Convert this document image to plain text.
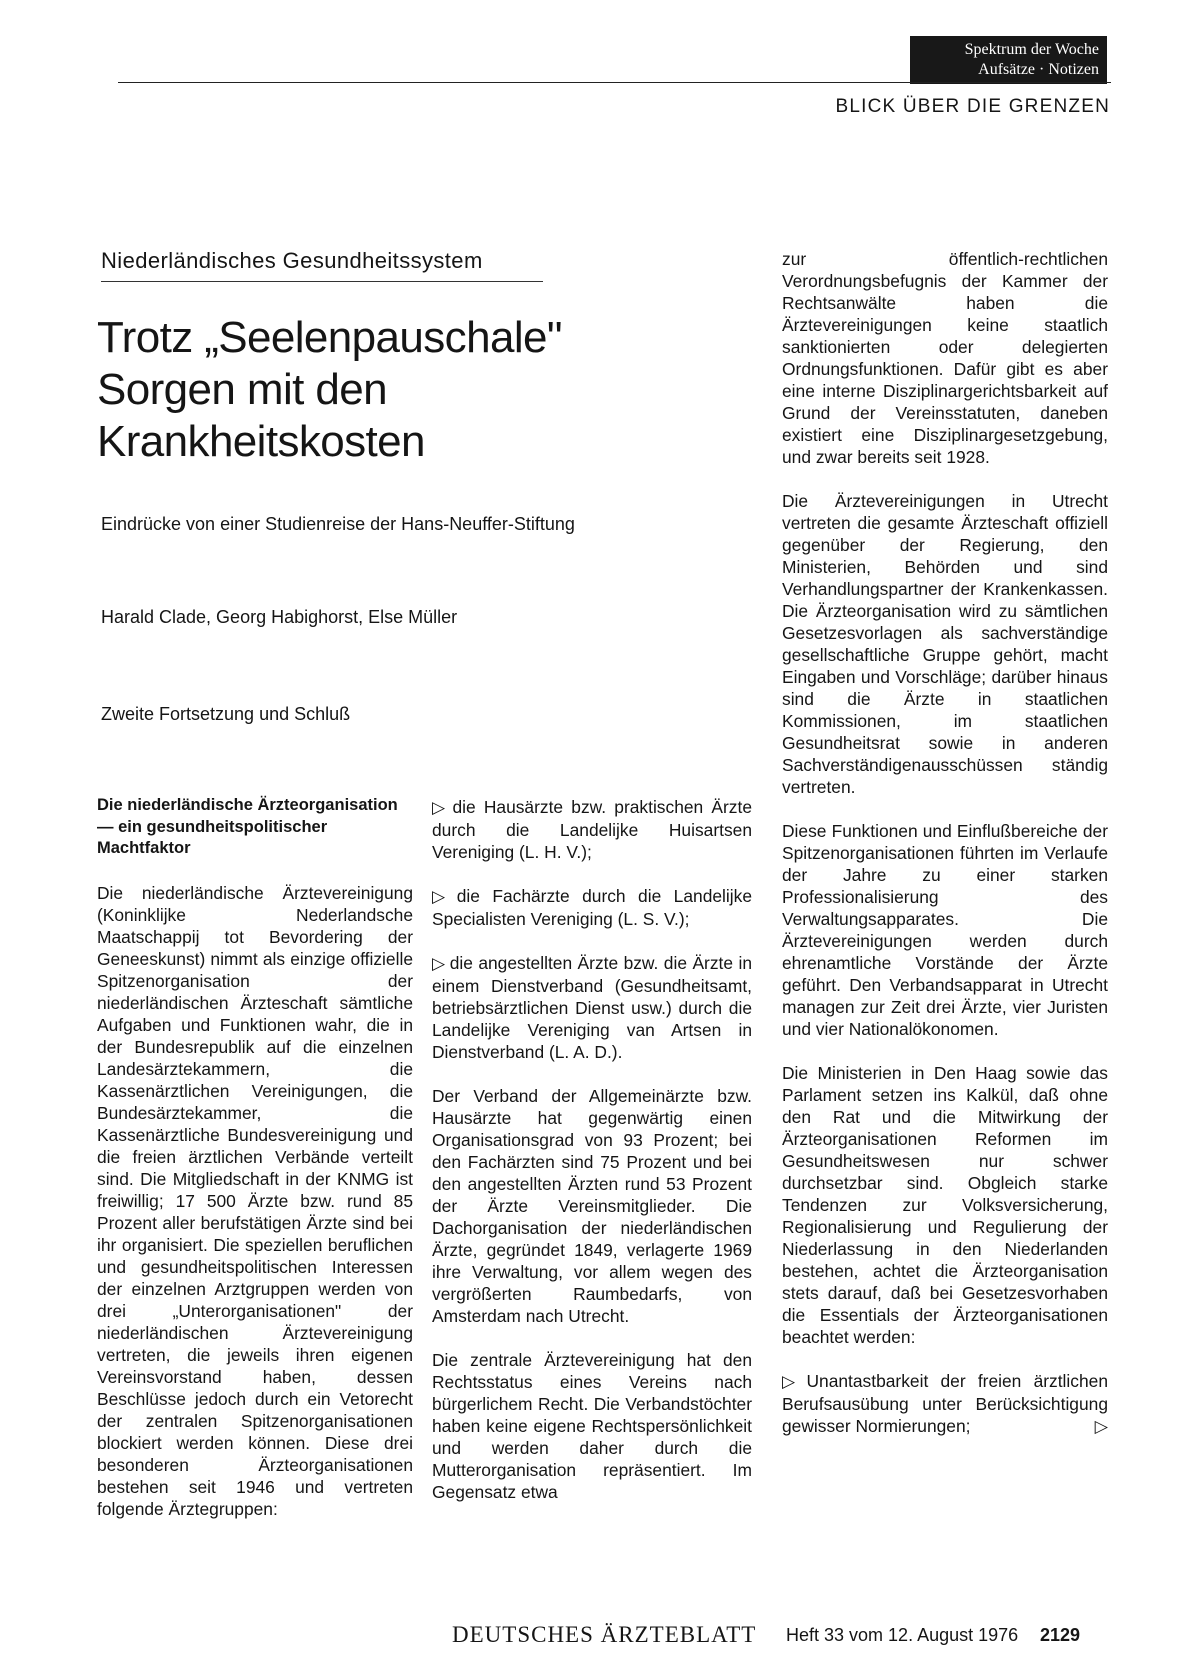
Spektrum der Woche
Aufsätze · Notizen
BLICK ÜBER DIE GRENZEN
Niederländisches Gesundheitssystem
Trotz „Seelenpauschale"
Sorgen mit den
Krankheitskosten
Eindrücke von einer Studienreise der Hans-Neuffer-Stiftung
Harald Clade, Georg Habighorst, Else Müller
Zweite Fortsetzung und Schluß
Die niederländische Ärzteorganisation — ein gesundheitspolitischer Machtfaktor

Die niederländische Ärztevereinigung (Koninklijke Nederlandsche Maatschappij tot Bevordering der Geneeskunst) nimmt als einzige offizielle Spitzenorganisation der niederländischen Ärzteschaft sämtliche Aufgaben und Funktionen wahr, die in der Bundesrepublik auf die einzelnen Landesärztekammern, die Kassenärztlichen Vereinigungen, die Bundesärztekammer, die Kassenärztliche Bundesvereinigung und die freien ärztlichen Verbände verteilt sind. Die Mitgliedschaft in der KNMG ist freiwillig; 17 500 Ärzte bzw. rund 85 Prozent aller berufstätigen Ärzte sind bei ihr organisiert. Die speziellen beruflichen und gesundheitspolitischen Interessen der einzelnen Arztgruppen werden von drei „Unterorganisationen" der niederländischen Ärztevereinigung vertreten, die jeweils ihren eigenen Vereinsvorstand haben, dessen Beschlüsse jedoch durch ein Vetorecht der zentralen Spitzenorganisationen blockiert werden können. Diese drei besonderen Ärzteorganisationen bestehen seit 1946 und vertreten folgende Ärztegruppen:

▷ die Hausärzte bzw. praktischen Ärzte durch die Landelijke Huisartsen Vereniging (L. H. V.);

▷ die Fachärzte durch die Landelijke Specialisten Vereniging (L. S. V.);

▷ die angestellten Ärzte bzw. die Ärzte in einem Dienstverband (Gesundheitsamt, betriebsärztlichen Dienst usw.) durch die Landelijke Vereniging van Artsen in Dienstverband (L. A. D.).

Der Verband der Allgemeinärzte bzw. Hausärzte hat gegenwärtig einen Organisationsgrad von 93 Prozent; bei den Fachärzten sind 75 Prozent und bei den angestellten Ärzten rund 53 Prozent der Ärzte Vereinsmitglieder. Die Dachorganisation der niederländischen Ärzte, gegründet 1849, verlagerte 1969 ihre Verwaltung, vor allem wegen des vergrößerten Raumbedarfs, von Amsterdam nach Utrecht.

Die zentrale Ärztevereinigung hat den Rechtsstatus eines Vereins nach bürgerlichem Recht. Die Verbandstöchter haben keine eigene Rechtspersönlichkeit und werden daher durch die Mutterorganisation repräsentiert. Im Gegensatz etwa

zur öffentlich-rechtlichen Verordnungsbefugnis der Kammer der Rechtsanwälte haben die Ärztevereinigungen keine staatlich sanktionierten oder delegierten Ordnungsfunktionen. Dafür gibt es aber eine interne Disziplinargerichtsbarkeit auf Grund der Vereinsstatuten, daneben existiert eine Disziplinargesetzgebung, und zwar bereits seit 1928.

Die Ärztevereinigungen in Utrecht vertreten die gesamte Ärzteschaft offiziell gegenüber der Regierung, den Ministerien, Behörden und sind Verhandlungspartner der Krankenkassen. Die Ärzteorganisation wird zu sämtlichen Gesetzesvorlagen als sachverständige gesellschaftliche Gruppe gehört, macht Eingaben und Vorschläge; darüber hinaus sind die Ärzte in staatlichen Kommissionen, im staatlichen Gesundheitsrat sowie in anderen Sachverständigenausschüssen ständig vertreten.

Diese Funktionen und Einflußbereiche der Spitzenorganisationen führten im Verlaufe der Jahre zu einer starken Professionalisierung des Verwaltungsapparates. Die Ärztevereinigungen werden durch ehrenamtliche Vorstände der Ärzte geführt. Den Verbandsapparat in Utrecht managen zur Zeit drei Ärzte, vier Juristen und vier Nationalökonomen.

Die Ministerien in Den Haag sowie das Parlament setzen ins Kalkül, daß ohne den Rat und die Mitwirkung der Ärzteorganisationen Reformen im Gesundheitswesen nur schwer durchsetzbar sind. Obgleich starke Tendenzen zur Volksversicherung, Regionalisierung und Regulierung der Niederlassung in den Niederlanden bestehen, achtet die Ärzteorganisation stets darauf, daß bei Gesetzesvorhaben die Essentials der Ärzteorganisationen beachtet werden:

▷ Unantastbarkeit der freien ärztlichen Berufsausübung unter Berücksichtigung gewisser Normierungen;	▷

DEUTSCHES ÄRZTEBLATT Heft 33 vom 12. August 1976 2129
